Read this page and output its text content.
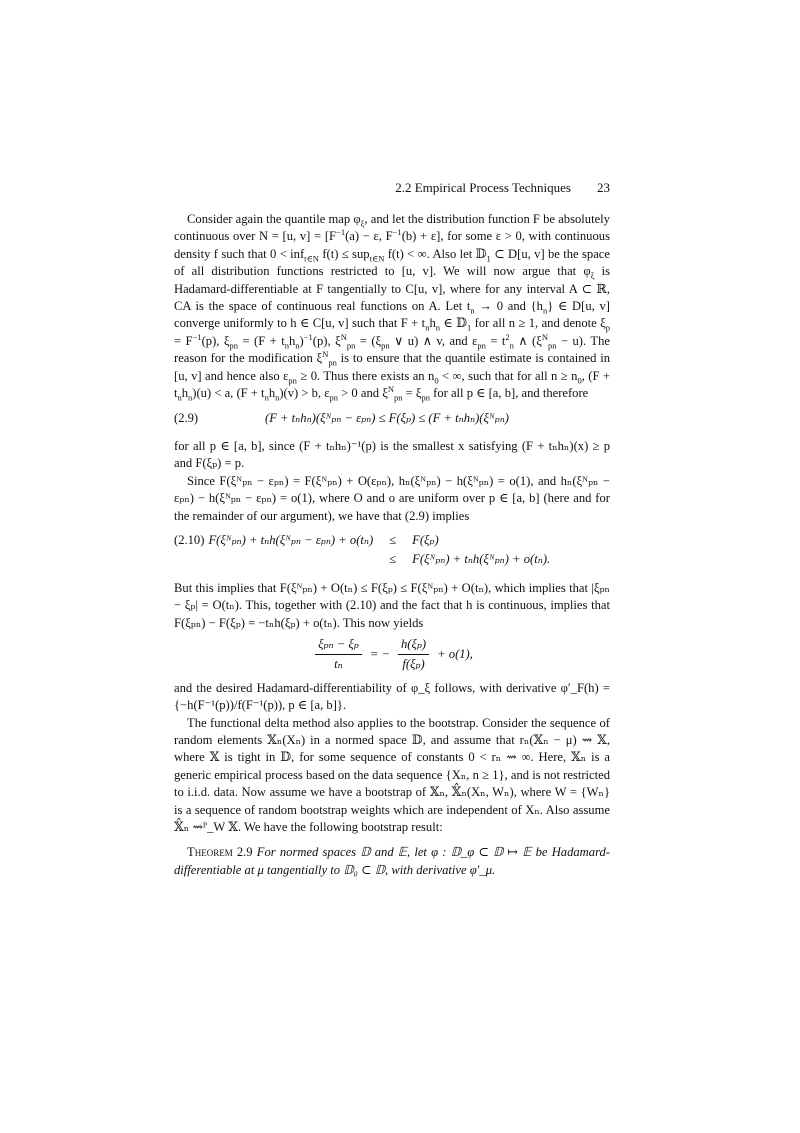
2.2 Empirical Process Techniques 23

Consider again the quantile map $\varphi_\xi$, and let the distribution function F be absolutely continuous over N = [u, $v] = [F^{-1}(a) - \varepsilon$, $F^{-1}(b) + \varepsilon$], for some ε > 0, with continuous density f such that 0 < inf$_{t\in N}$ f(t) ≤ sup$_{t\in N}$ f(t) < ∞. Also let 𝔻$_1$ ⊂ D[u, v] be the space of all distribution functions restricted to [u, v]. We will now argue that $\varphi_\xi$ is Hadamard-differentiable at F tangentially to C[u, v], where for any interval A ⊂ ℝ, CA is the space of continuous real functions on A. Let $t_n \to 0$ and $\{h_n\}$ ∈ D[u, v] converge uniformly to h ∈ C[u, v] such that $F + t_nh_n$ ∈ 𝔻$_1$ for all n ≥ 1, and denote $\xi_p = F^{-1}(p)$, $\xi_{pn} = (F + t_nh_n)^{-1}(p)$, $\xi^N_{pn} = (\xi_{pn}$ ∨ u) ∧ v, and $\varepsilon_{pn} = t^2_n$ ∧ $(\xi^N_{pn} - u)$. The reason for the modification $\xi^N_{pn}$ is to ensure that the quantile estimate is contained in [u, v] and hence also $\varepsilon_{pn} \ge 0$. Thus there exists an $n_0$ < ∞, such that for all $n \ge n_0$, $(F + t_nh_n)(u) < a$, $(F + t_nh_n)(v) > b$, $\varepsilon_{pn} > 0$ and $\xi^N_{pn} = \xi_{pn}$ for all p ∈ [a, b], and therefore

(2.9)	(F + tₙhₙ)(ξᴺₚₙ − εₚₙ) ≤ F(ξₚ) ≤ (F + tₙhₙ)(ξᴺₚₙ)

for all p ∈ [a, b], since (F + tₙhₙ)⁻¹(p) is the smallest x satisfying (F + tₙhₙ)(x) ≥ p and F(ξₚ) = p.

Since F(ξᴺₚₙ − εₚₙ) = F(ξᴺₚₙ) + O(εₚₙ), hₙ(ξᴺₚₙ) − h(ξᴺₚₙ) = o(1), and hₙ(ξᴺₚₙ − εₚₙ) − h(ξᴺₚₙ − εₚₙ) = o(1), where O and o are uniform over p ∈ [a, b] (here and for the remainder of our argument), we have that (2.9) implies

(2.10)	F(ξᴺₚₙ) + tₙh(ξᴺₚₙ − εₚₙ) + o(tₙ)	≤	F(ξₚ)
		≤	F(ξᴺₚₙ) + tₙh(ξᴺₚₙ) + o(tₙ).

But this implies that F(ξᴺₚₙ) + O(tₙ) ≤ F(ξₚ) ≤ F(ξᴺₚₙ) + O(tₙ), which implies that |ξₚₙ − ξₚ| = O(tₙ). This, together with (2.10) and the fact that h is continuous, implies that F(ξₚₙ) − F(ξₚ) = −tₙh(ξₚ) + o(tₙ). This now yields

$\frac{\text{ξₚₙ − ξₚ}}{\text{tₙ}}$ = − $\frac{\text{h(ξₚ)}}{\text{f(ξₚ)}} + o(1)$,

and the desired Hadamard-differentiability of φ_ξ follows, with derivative φ′_F(h) = {−h(F⁻¹(p))/f(F⁻¹(p)), p ∈ [a, b]}.

The functional delta method also applies to the bootstrap. Consider the sequence of random elements 𝕏ₙ(Xₙ) in a normed space 𝔻, and assume that rₙ(𝕏ₙ − μ) ⇝ 𝕏, where 𝕏 is tight in 𝔻, for some sequence of constants 0 < rₙ ⇝ ∞. Here, 𝕏ₙ is a generic empirical process based on the data sequence {Xₙ, n ≥ 1}, and is not restricted to i.i.d. data. Now assume we have a bootstrap of 𝕏ₙ, 𝕏̂ₙ(Xₙ, Wₙ), where W = {Wₙ} is a sequence of random bootstrap weights which are independent of Xₙ. Also assume 𝕏̂ₙ ⇝ᴾ_W 𝕏. We have the following bootstrap result:

Theorem 2.9 For normed spaces 𝔻 and 𝔼, let φ : 𝔻_φ ⊂ 𝔻 ↦ 𝔼 be Hadamard-differentiable at μ tangentially to 𝔻₀ ⊂ 𝔻, with derivative φ′_μ.
